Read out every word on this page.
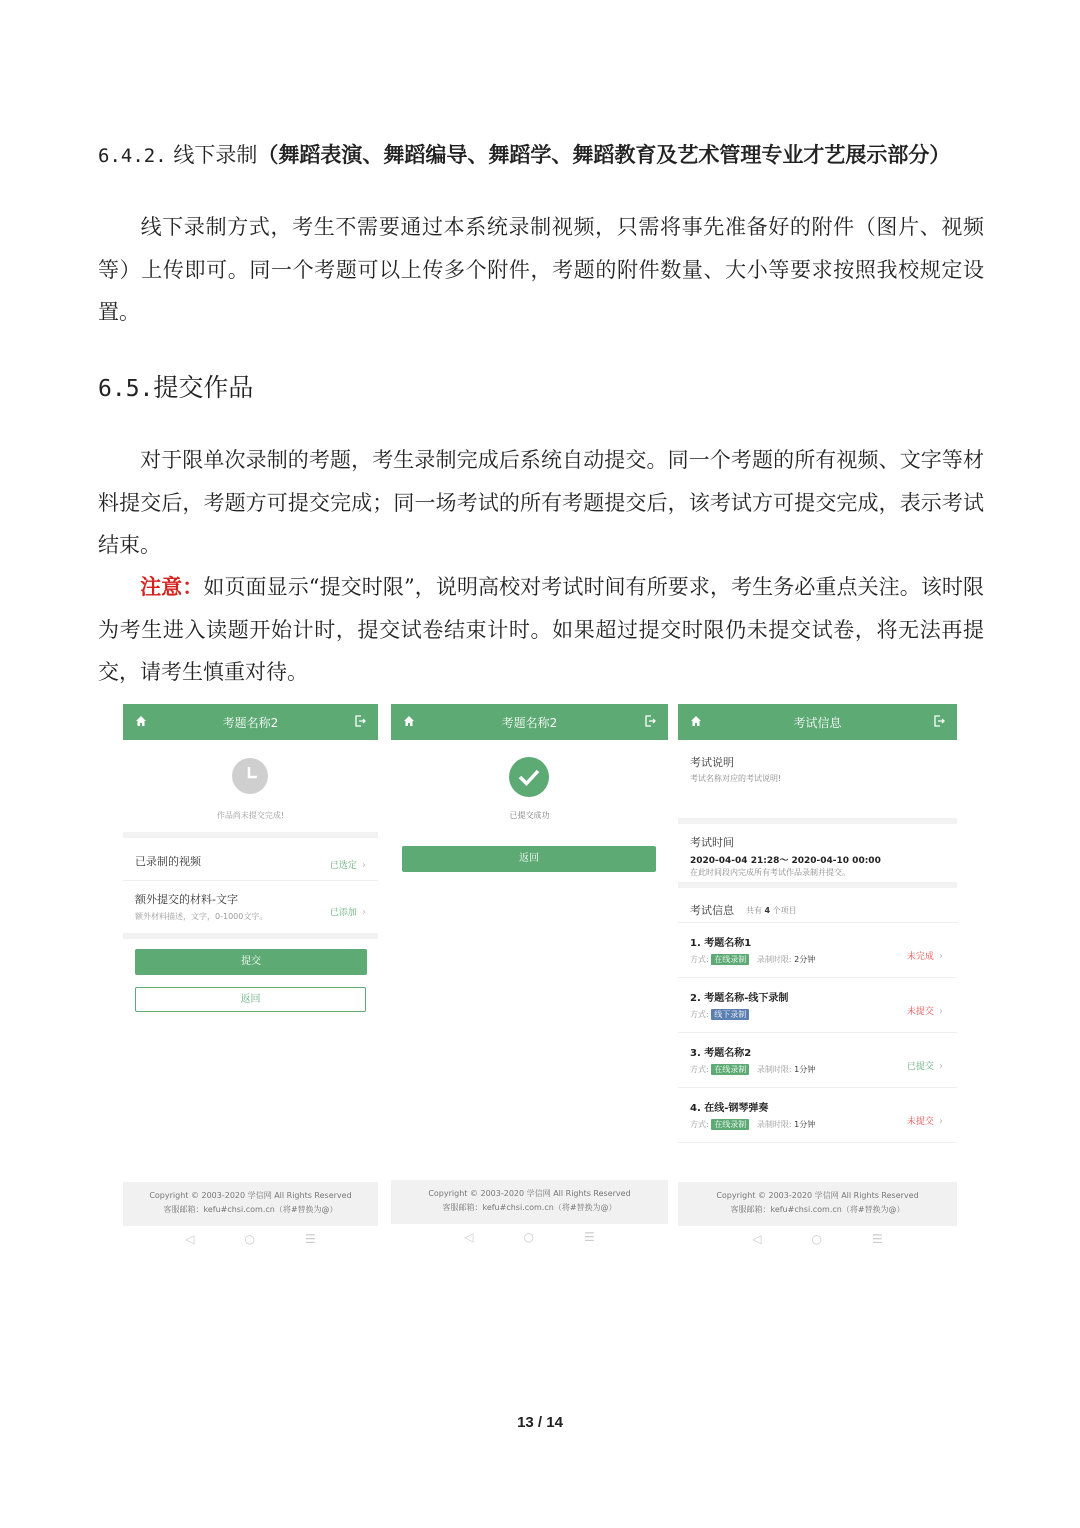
6.4.2. 线下录制（舞蹈表演、舞蹈编导、舞蹈学、舞蹈教育及艺术管理专业才艺展示部分）
线下录制方式，考生不需要通过本系统录制视频，只需将事先准备好的附件（图片、视频等）上传即可。同一个考题可以上传多个附件，考题的附件数量、大小等要求按照我校规定设置。
6.5.提交作品
对于限单次录制的考题，考生录制完成后系统自动提交。同一个考题的所有视频、文字等材料提交后，考题方可提交完成；同一场考试的所有考题提交后，该考试方可提交完成，表示考试结束。
注意：如页面显示“提交时限”，说明高校对考试时间有所要求，考生务必重点关注。该时限为考生进入读题开始计时，提交试卷结束计时。如果超过提交时限仍未提交试卷，将无法再提交，请考生慎重对待。
考题名称2
作品尚未提交完成!
已录制的视频	已选定 ›
额外提交的材料-文字
额外材料描述，文字，0-1000文字。	已添加 ›
提交
返回
Copyright © 2003-2020 学信网 All Rights Reserved
客服邮箱：kefu#chsi.com.cn（将#替换为@）
◁	○	☰
考题名称2
已提交成功
返回
Copyright © 2003-2020 学信网 All Rights Reserved
客服邮箱：kefu#chsi.com.cn（将#替换为@）
◁	○	☰
考试信息
考试说明
考试名称对应的考试说明!
考试时间
2020-04-04 21:28～ 2020-04-10 00:00
在此时间段内完成所有考试作品录制并提交。
考试信息 共有 4 个项目
1. 考题名称1
方式: 在线录制 录制时限: 2分钟	未完成 ›
2. 考题名称-线下录制
方式: 线下录制	未提交 ›
3. 考题名称2
方式: 在线录制 录制时限: 1分钟	已提交 ›
4. 在线-钢琴弹奏
方式: 在线录制 录制时限: 1分钟	未提交 ›
Copyright © 2003-2020 学信网 All Rights Reserved
客服邮箱：kefu#chsi.com.cn（将#替换为@）
◁	○	☰
13 / 14
